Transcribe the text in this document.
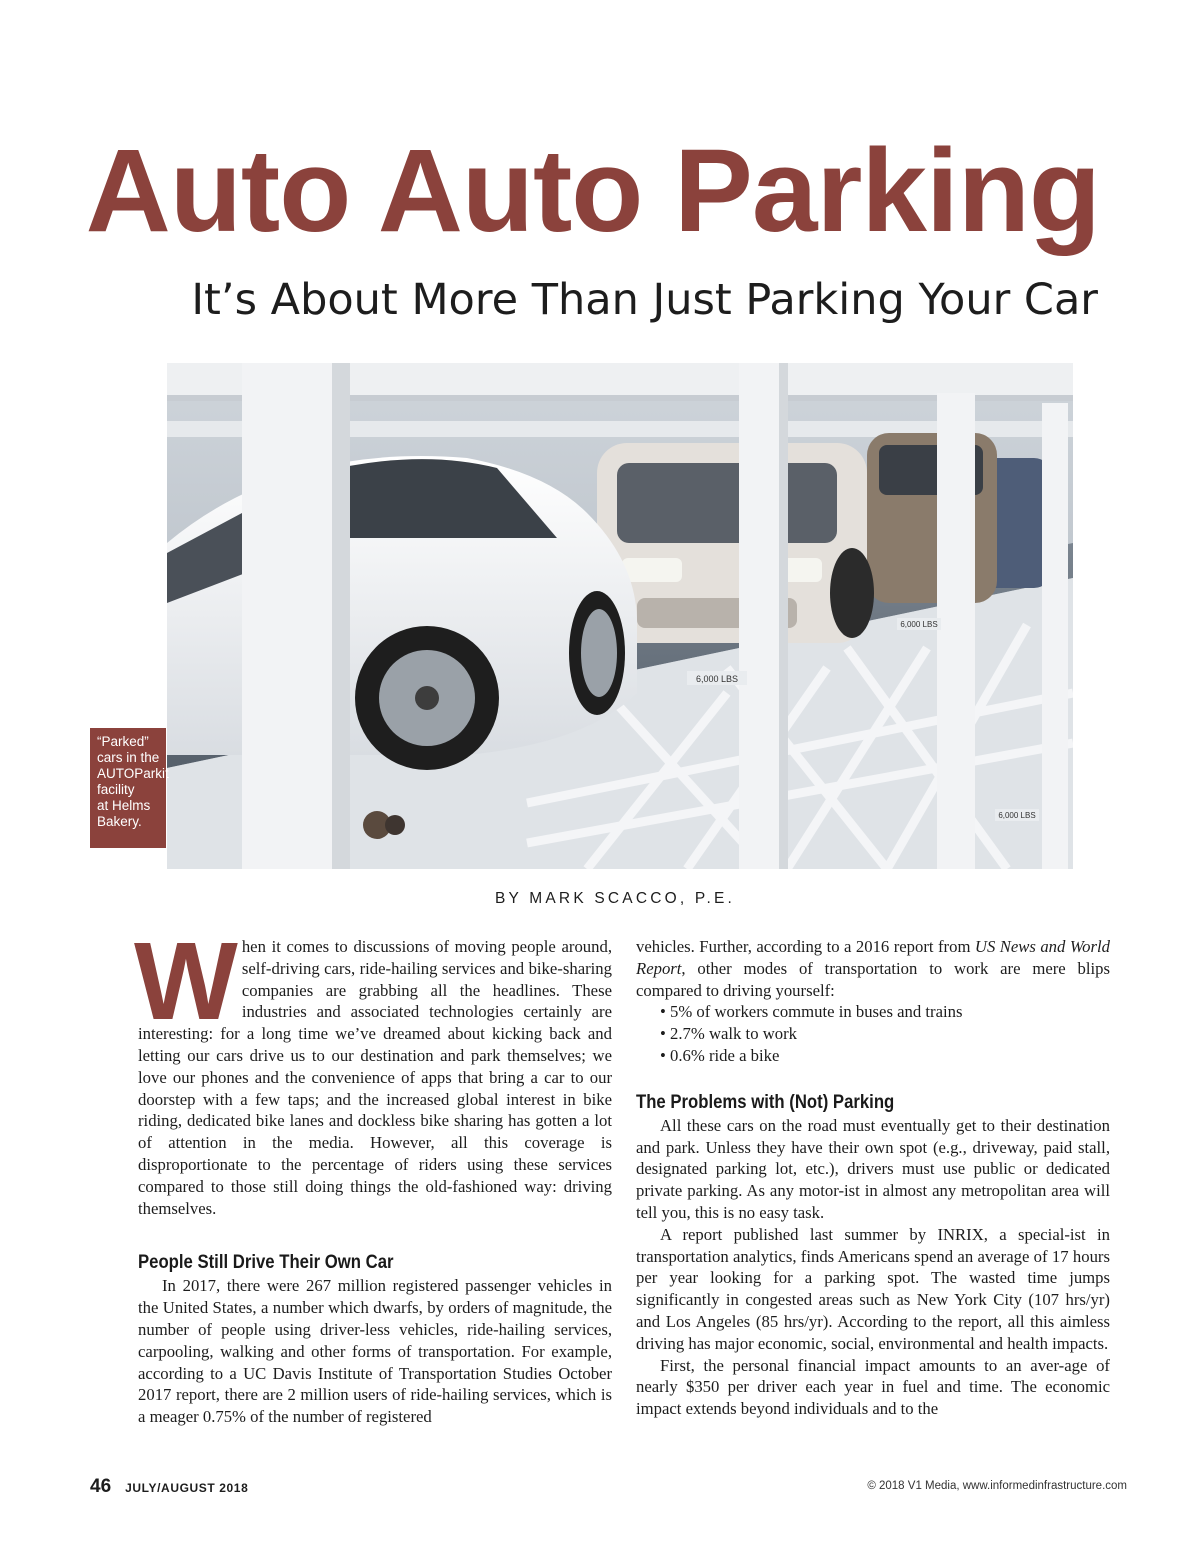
Auto Auto Parking
It’s About More Than Just Parking Your Car
6,000 LBS
6,000 LBS
6,000 LBS
“Parked”
cars in the
AUTOParkit
facility
at Helms
Bakery.
BY MARK SCACCO, P.E.

When it comes to discussions of moving people around, self-driving cars, ride-hailing services and bike-sharing companies are grabbing all the headlines. These industries and associated technologies certainly are interesting: for a long time we’ve dreamed about kicking back and letting our cars drive us to our destination and park themselves; we love our phones and the convenience of apps that bring a car to our doorstep with a few taps; and the increased global interest in bike riding, dedicated bike lanes and dockless bike sharing has gotten a lot of attention in the media. However, all this coverage is disproportionate to the percentage of riders using these services compared to those still doing things the old-fashioned way: driving themselves.

People Still Drive Their Own Car

In 2017, there were 267 million registered passenger vehicles in the United States, a number which dwarfs, by orders of magnitude, the number of people using driver-less vehicles, ride-hailing services, carpooling, walking and other forms of transportation. For example, according to a UC Davis Institute of Transportation Studies October 2017 report, there are 2 million users of ride-hailing services, which is a meager 0.75% of the number of registered

vehicles. Further, according to a 2016 report from US News and World Report, other modes of transportation to work are mere blips compared to driving yourself:

• 5% of workers commute in buses and trains
• 2.7% walk to work
• 0.6% ride a bike
The Problems with (Not) Parking

All these cars on the road must eventually get to their destination and park. Unless they have their own spot (e.g., driveway, paid stall, designated parking lot, etc.), drivers must use public or dedicated private parking. As any motor-ist in almost any metropolitan area will tell you, this is no easy task.

A report published last summer by INRIX, a special-ist in transportation analytics, finds Americans spend an average of 17 hours per year looking for a parking spot. The wasted time jumps significantly in congested areas such as New York City (107 hrs/yr) and Los Angeles (85 hrs/yr). According to the report, all this aimless driving has major economic, social, environmental and health impacts.

First, the personal financial impact amounts to an aver-age of nearly $350 per driver each year in fuel and time. The economic impact extends beyond individuals and to the

46 JULY/AUGUST 2018	© 2018 V1 Media, www.informedinfrastructure.com
